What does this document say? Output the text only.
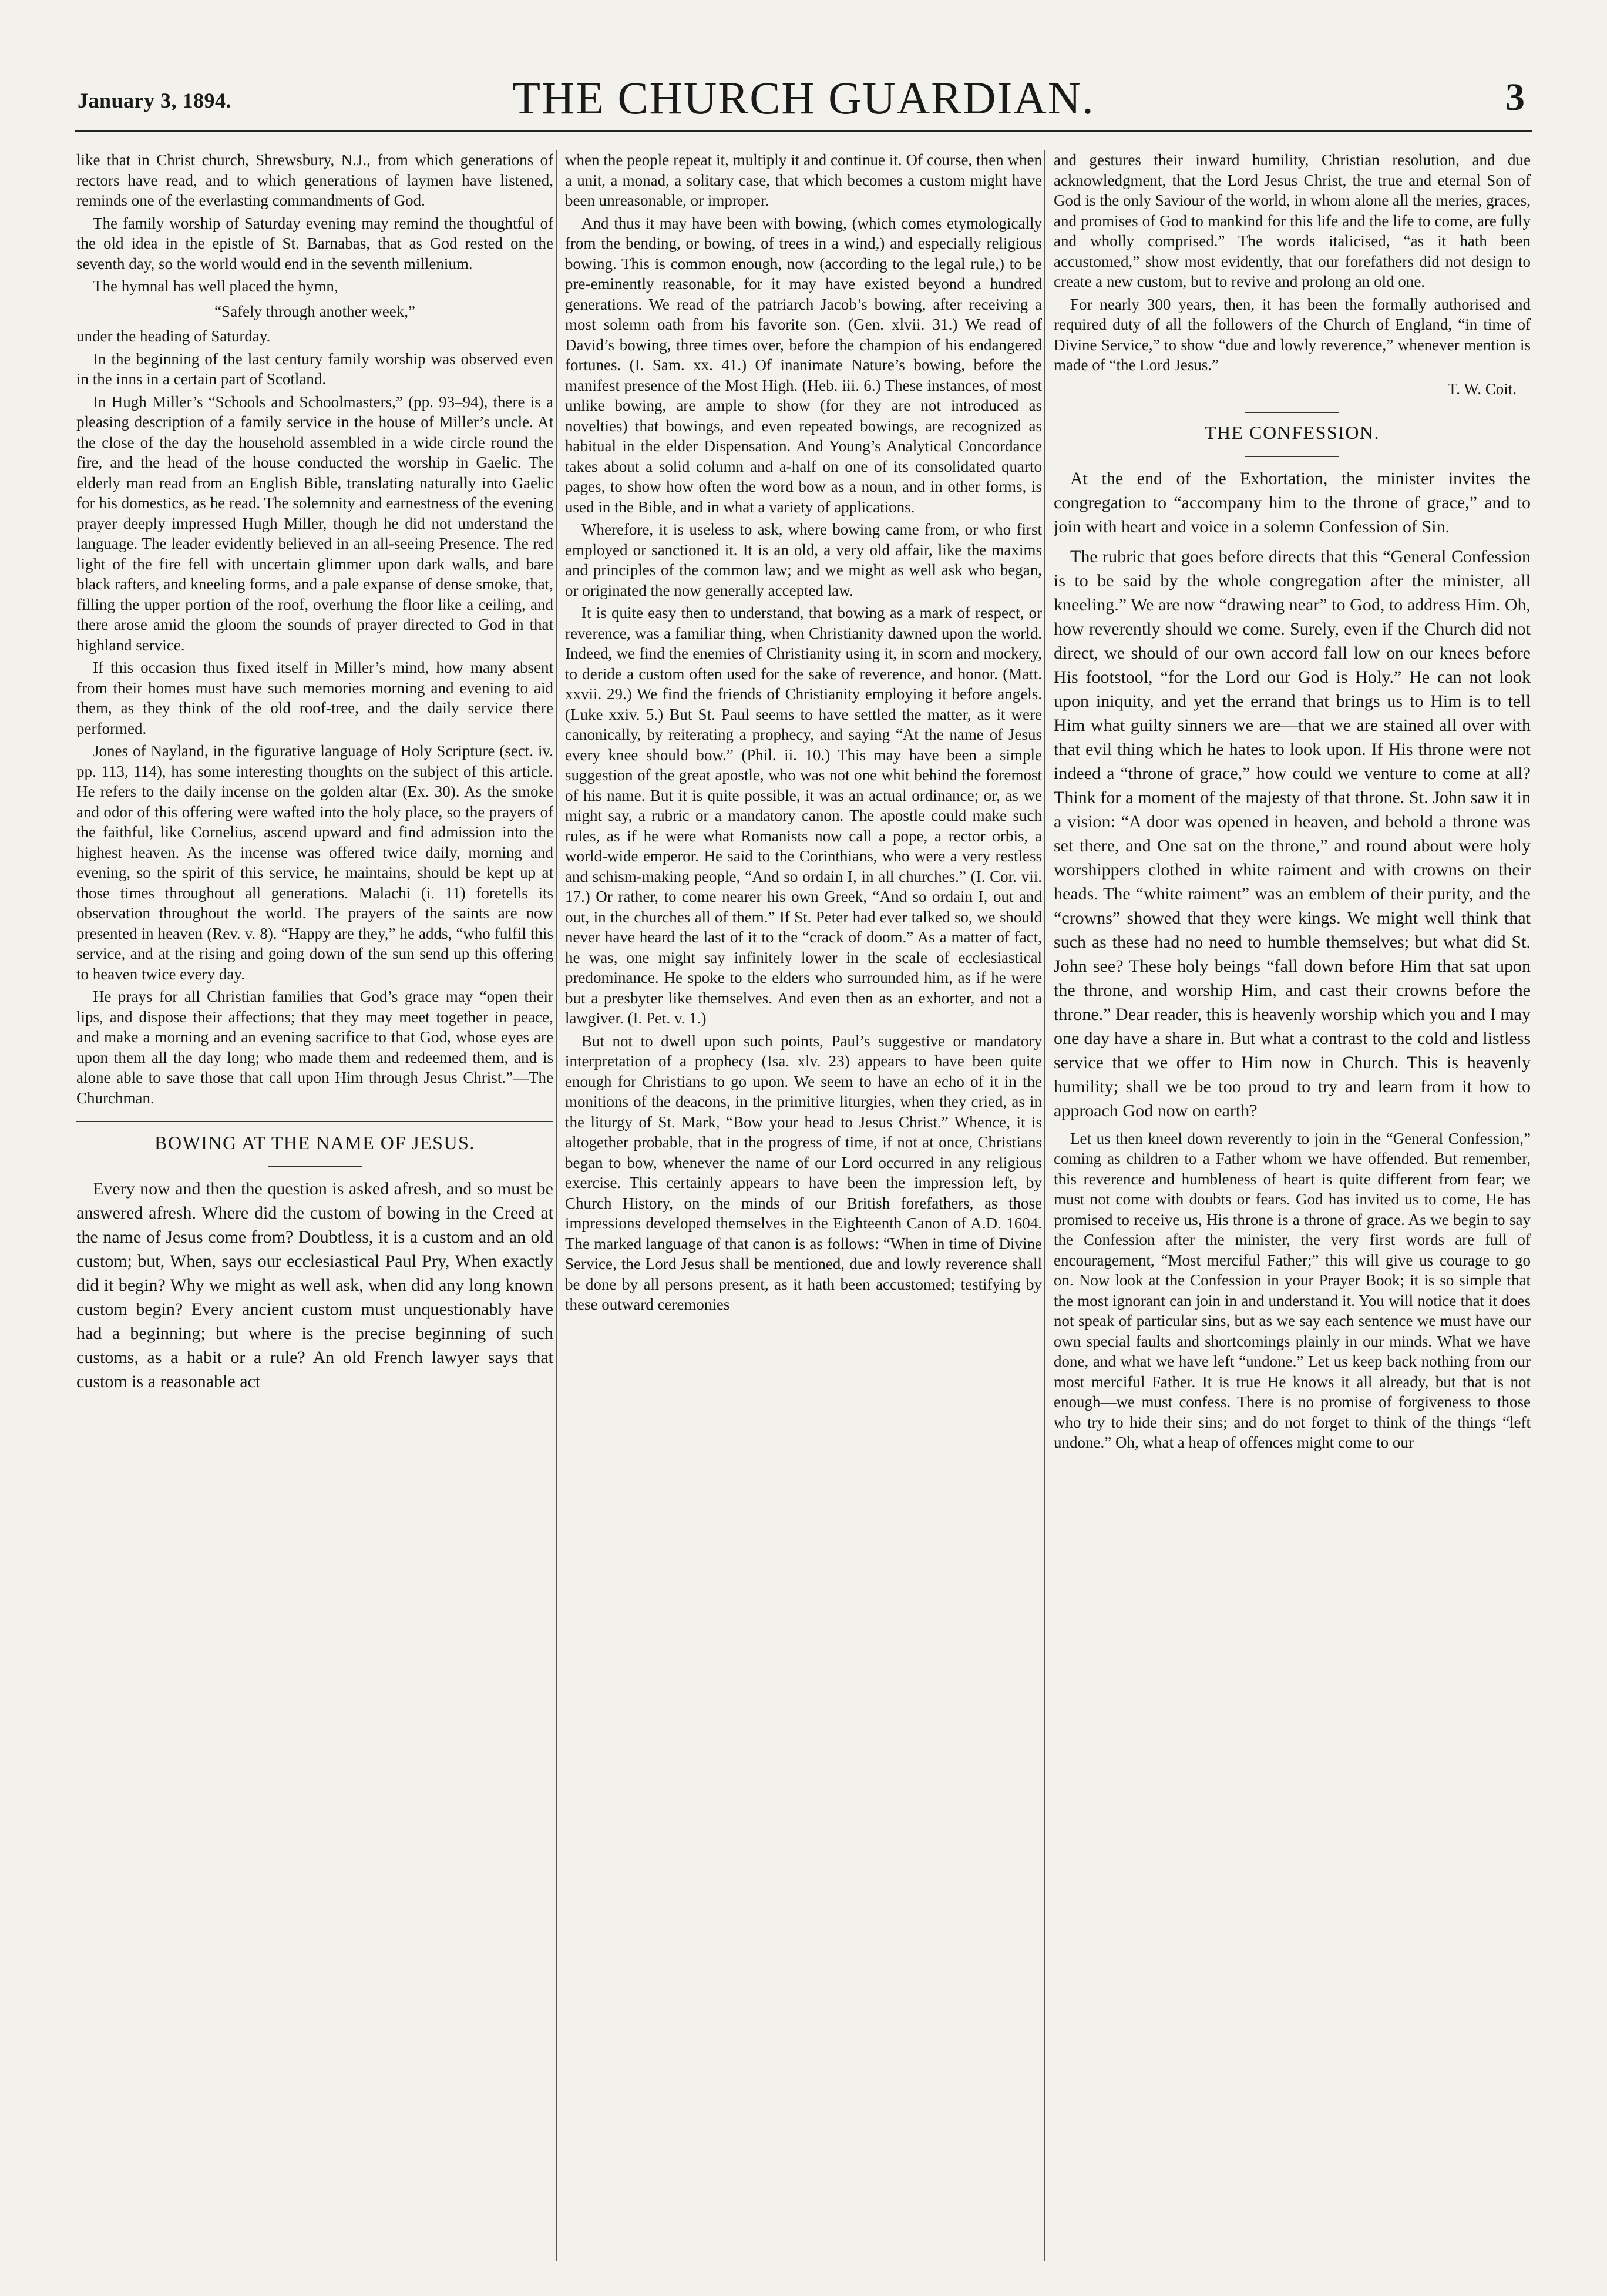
January 3, 1894.	THE CHURCH GUARDIAN.	3

like that in Christ church, Shrewsbury, N.J., from which generations of rectors have read, and to which generations of laymen have listened, reminds one of the everlasting commandments of God.

The family worship of Saturday evening may remind the thoughtful of the old idea in the epistle of St. Barnabas, that as God rested on the seventh day, so the world would end in the seventh millenium.

The hymnal has well placed the hymn,

“Safely through another week,”

under the heading of Saturday.

In the beginning of the last century family worship was observed even in the inns in a certain part of Scotland.

In Hugh Miller’s “Schools and Schoolmasters,” (pp. 93–94), there is a pleasing description of a family service in the house of Miller’s uncle. At the close of the day the household assembled in a wide circle round the fire, and the head of the house conducted the worship in Gaelic. The elderly man read from an English Bible, translating naturally into Gaelic for his domestics, as he read. The solemnity and earnestness of the evening prayer deeply impressed Hugh Miller, though he did not understand the language. The leader evidently believed in an all-seeing Presence. The red light of the fire fell with uncertain glimmer upon dark walls, and bare black rafters, and kneeling forms, and a pale expanse of dense smoke, that, filling the upper portion of the roof, overhung the floor like a ceiling, and there arose amid the gloom the sounds of prayer directed to God in that highland service.

If this occasion thus fixed itself in Miller’s mind, how many absent from their homes must have such memories morning and evening to aid them, as they think of the old roof-tree, and the daily service there performed.

Jones of Nayland, in the figurative language of Holy Scripture (sect. iv. pp. 113, 114), has some interesting thoughts on the subject of this article. He refers to the daily incense on the golden altar (Ex. 30). As the smoke and odor of this offering were wafted into the holy place, so the prayers of the faithful, like Cornelius, ascend upward and find admission into the highest heaven. As the incense was offered twice daily, morning and evening, so the spirit of this service, he maintains, should be kept up at those times throughout all generations. Malachi (i. 11) foretells its observation throughout the world. The prayers of the saints are now presented in heaven (Rev. v. 8). “Happy are they,” he adds, “who fulfil this service, and at the rising and going down of the sun send up this offering to heaven twice every day.

He prays for all Christian families that God’s grace may “open their lips, and dispose their affections; that they may meet together in peace, and make a morning and an evening sacrifice to that God, whose eyes are upon them all the day long; who made them and redeemed them, and is alone able to save those that call upon Him through Jesus Christ.”—The Churchman.

BOWING AT THE NAME OF JESUS.

Every now and then the question is asked afresh, and so must be answered afresh. Where did the custom of bowing in the Creed at the name of Jesus come from? Doubtless, it is a custom and an old custom; but, When, says our ecclesiastical Paul Pry, When exactly did it begin? Why we might as well ask, when did any long known custom begin? Every ancient custom must unquestionably have had a beginning; but where is the precise beginning of such customs, as a habit or a rule? An old French lawyer says that custom is a reasonable act

when the people repeat it, multiply it and continue it. Of course, then when a unit, a monad, a solitary case, that which becomes a custom might have been unreasonable, or improper.

And thus it may have been with bowing, (which comes etymologically from the bending, or bowing, of trees in a wind,) and especially religious bowing. This is common enough, now (according to the legal rule,) to be pre-eminently reasonable, for it may have existed beyond a hundred generations. We read of the patriarch Jacob’s bowing, after receiving a most solemn oath from his favorite son. (Gen. xlvii. 31.) We read of David’s bowing, three times over, before the champion of his endangered fortunes. (I. Sam. xx. 41.) Of inanimate Nature’s bowing, before the manifest presence of the Most High. (Heb. iii. 6.) These instances, of most unlike bowing, are ample to show (for they are not introduced as novelties) that bowings, and even repeated bowings, are recognized as habitual in the elder Dispensation. And Young’s Analytical Concordance takes about a solid column and a-half on one of its consolidated quarto pages, to show how often the word bow as a noun, and in other forms, is used in the Bible, and in what a variety of applications.

Wherefore, it is useless to ask, where bowing came from, or who first employed or sanctioned it. It is an old, a very old affair, like the maxims and principles of the common law; and we might as well ask who began, or originated the now generally accepted law.

It is quite easy then to understand, that bowing as a mark of respect, or reverence, was a familiar thing, when Christianity dawned upon the world. Indeed, we find the enemies of Christianity using it, in scorn and mockery, to deride a custom often used for the sake of reverence, and honor. (Matt. xxvii. 29.) We find the friends of Christianity employing it before angels. (Luke xxiv. 5.) But St. Paul seems to have settled the matter, as it were canonically, by reiterating a prophecy, and saying “At the name of Jesus every knee should bow.” (Phil. ii. 10.) This may have been a simple suggestion of the great apostle, who was not one whit behind the foremost of his name. But it is quite possible, it was an actual ordinance; or, as we might say, a rubric or a mandatory canon. The apostle could make such rules, as if he were what Romanists now call a pope, a rector orbis, a world-wide emperor. He said to the Corinthians, who were a very restless and schism-making people, “And so ordain I, in all churches.” (I. Cor. vii. 17.) Or rather, to come nearer his own Greek, “And so ordain I, out and out, in the churches all of them.” If St. Peter had ever talked so, we should never have heard the last of it to the “crack of doom.” As a matter of fact, he was, one might say infinitely lower in the scale of ecclesiastical predominance. He spoke to the elders who surrounded him, as if he were but a presbyter like themselves. And even then as an exhorter, and not a lawgiver. (I. Pet. v. 1.)

But not to dwell upon such points, Paul’s suggestive or mandatory interpretation of a prophecy (Isa. xlv. 23) appears to have been quite enough for Christians to go upon. We seem to have an echo of it in the monitions of the deacons, in the primitive liturgies, when they cried, as in the liturgy of St. Mark, “Bow your head to Jesus Christ.” Whence, it is altogether probable, that in the progress of time, if not at once, Christians began to bow, whenever the name of our Lord occurred in any religious exercise. This certainly appears to have been the impression left, by Church History, on the minds of our British forefathers, as those impressions developed themselves in the Eighteenth Canon of A.D. 1604. The marked language of that canon is as follows: “When in time of Divine Service, the Lord Jesus shall be mentioned, due and lowly reverence shall be done by all persons present, as it hath been accustomed; testifying by these outward ceremonies

and gestures their inward humility, Christian resolution, and due acknowledgment, that the Lord Jesus Christ, the true and eternal Son of God is the only Saviour of the world, in whom alone all the meries, graces, and promises of God to mankind for this life and the life to come, are fully and wholly comprised.” The words italicised, “as it hath been accustomed,” show most evidently, that our forefathers did not design to create a new custom, but to revive and prolong an old one.

For nearly 300 years, then, it has been the formally authorised and required duty of all the followers of the Church of England, “in time of Divine Service,” to show “due and lowly reverence,” whenever mention is made of “the Lord Jesus.”

T. W. Coit.
THE CONFESSION.

At the end of the Exhortation, the minister invites the congregation to “accompany him to the throne of grace,” and to join with heart and voice in a solemn Confession of Sin.

The rubric that goes before directs that this “General Confession is to be said by the whole congregation after the minister, all kneeling.” We are now “drawing near” to God, to address Him. Oh, how reverently should we come. Surely, even if the Church did not direct, we should of our own accord fall low on our knees before His footstool, “for the Lord our God is Holy.” He can not look upon iniquity, and yet the errand that brings us to Him is to tell Him what guilty sinners we are—that we are stained all over with that evil thing which he hates to look upon. If His throne were not indeed a “throne of grace,” how could we venture to come at all? Think for a moment of the majesty of that throne. St. John saw it in a vision: “A door was opened in heaven, and behold a throne was set there, and One sat on the throne,” and round about were holy worshippers clothed in white raiment and with crowns on their heads. The “white raiment” was an emblem of their purity, and the “crowns” showed that they were kings. We might well think that such as these had no need to humble themselves; but what did St. John see? These holy beings “fall down before Him that sat upon the throne, and worship Him, and cast their crowns before the throne.” Dear reader, this is heavenly worship which you and I may one day have a share in. But what a contrast to the cold and listless service that we offer to Him now in Church. This is heavenly humility; shall we be too proud to try and learn from it how to approach God now on earth?

Let us then kneel down reverently to join in the “General Confession,” coming as children to a Father whom we have offended. But remember, this reverence and humbleness of heart is quite different from fear; we must not come with doubts or fears. God has invited us to come, He has promised to receive us, His throne is a throne of grace. As we begin to say the Confession after the minister, the very first words are full of encouragement, “Most merciful Father;” this will give us courage to go on. Now look at the Confession in your Prayer Book; it is so simple that the most ignorant can join in and understand it. You will notice that it does not speak of particular sins, but as we say each sentence we must have our own special faults and shortcomings plainly in our minds. What we have done, and what we have left “undone.” Let us keep back nothing from our most merciful Father. It is true He knows it all already, but that is not enough—we must confess. There is no promise of forgiveness to those who try to hide their sins; and do not forget to think of the things “left undone.” Oh, what a heap of offences might come to our
